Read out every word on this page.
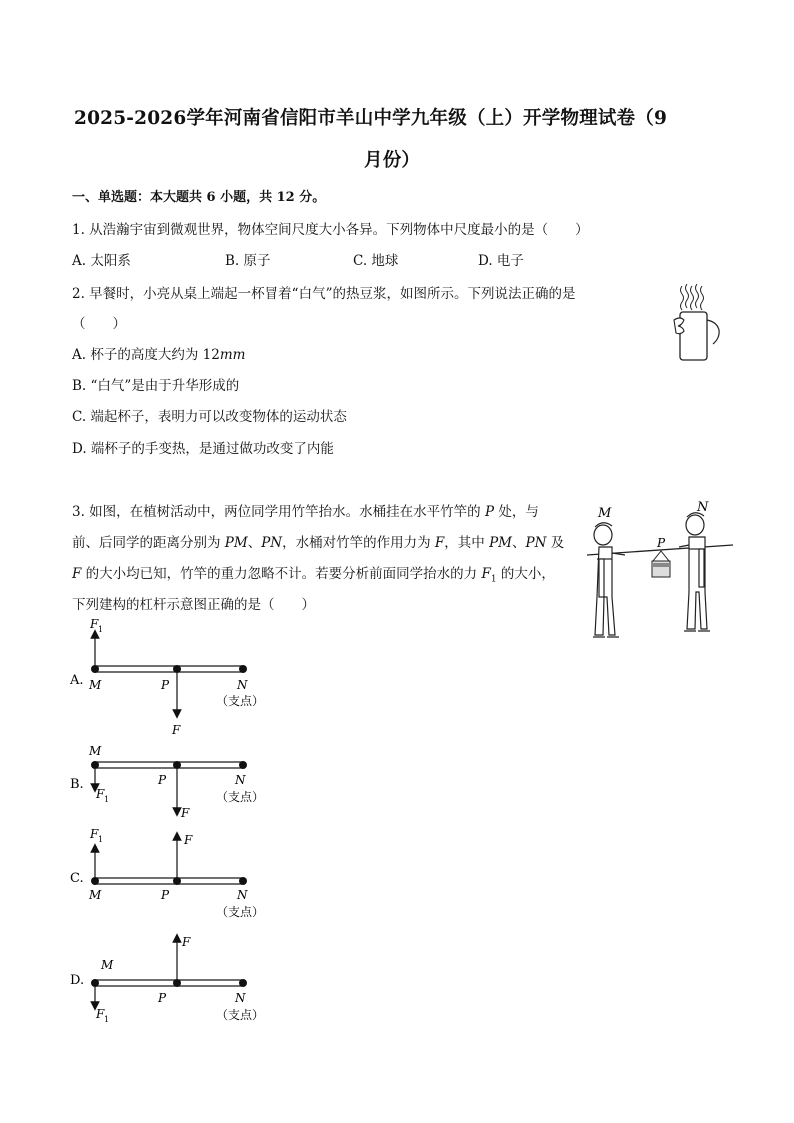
2025-2026学年河南省信阳市羊山中学九年级（上）开学物理试卷（9
月份）
一、单选题：本大题共 6 小题，共 12 分。
1. 从浩瀚宇宙到微观世界，物体空间尺度大小各异。下列物体中尺度最小的是（　　）
A. 太阳系	B. 原子	C. 地球	D. 电子
2. 早餐时，小亮从桌上端起一杯冒着“白气”的热豆浆，如图所示。下列说法正确的是
（　　）
A. 杯子的高度大约为 12mm
B. “白气”是由于升华形成的
C. 端起杯子，表明力可以改变物体的运动状态
D. 端杯子的手变热，是通过做功改变了内能
3. 如图，在植树活动中，两位同学用竹竿抬水。水桶挂在水平竹竿的 P 处，与
前、后同学的距离分别为 PM、PN，水桶对竹竿的作用力为 F，其中 PM、PN 及
F 的大小均已知，竹竿的重力忽略不计。若要分析前面同学抬水的力 $F_1$ 的大小，
下列建构的杠杆示意图正确的是（　　）
M	N
P
A.
F 1
F
M	P	N
（支点）
B.
M
F 1
F
P	N
（支点）
C.
F 1	F
M	P	N
（支点）
D.
M
F 1
F
P	N
（支点）
